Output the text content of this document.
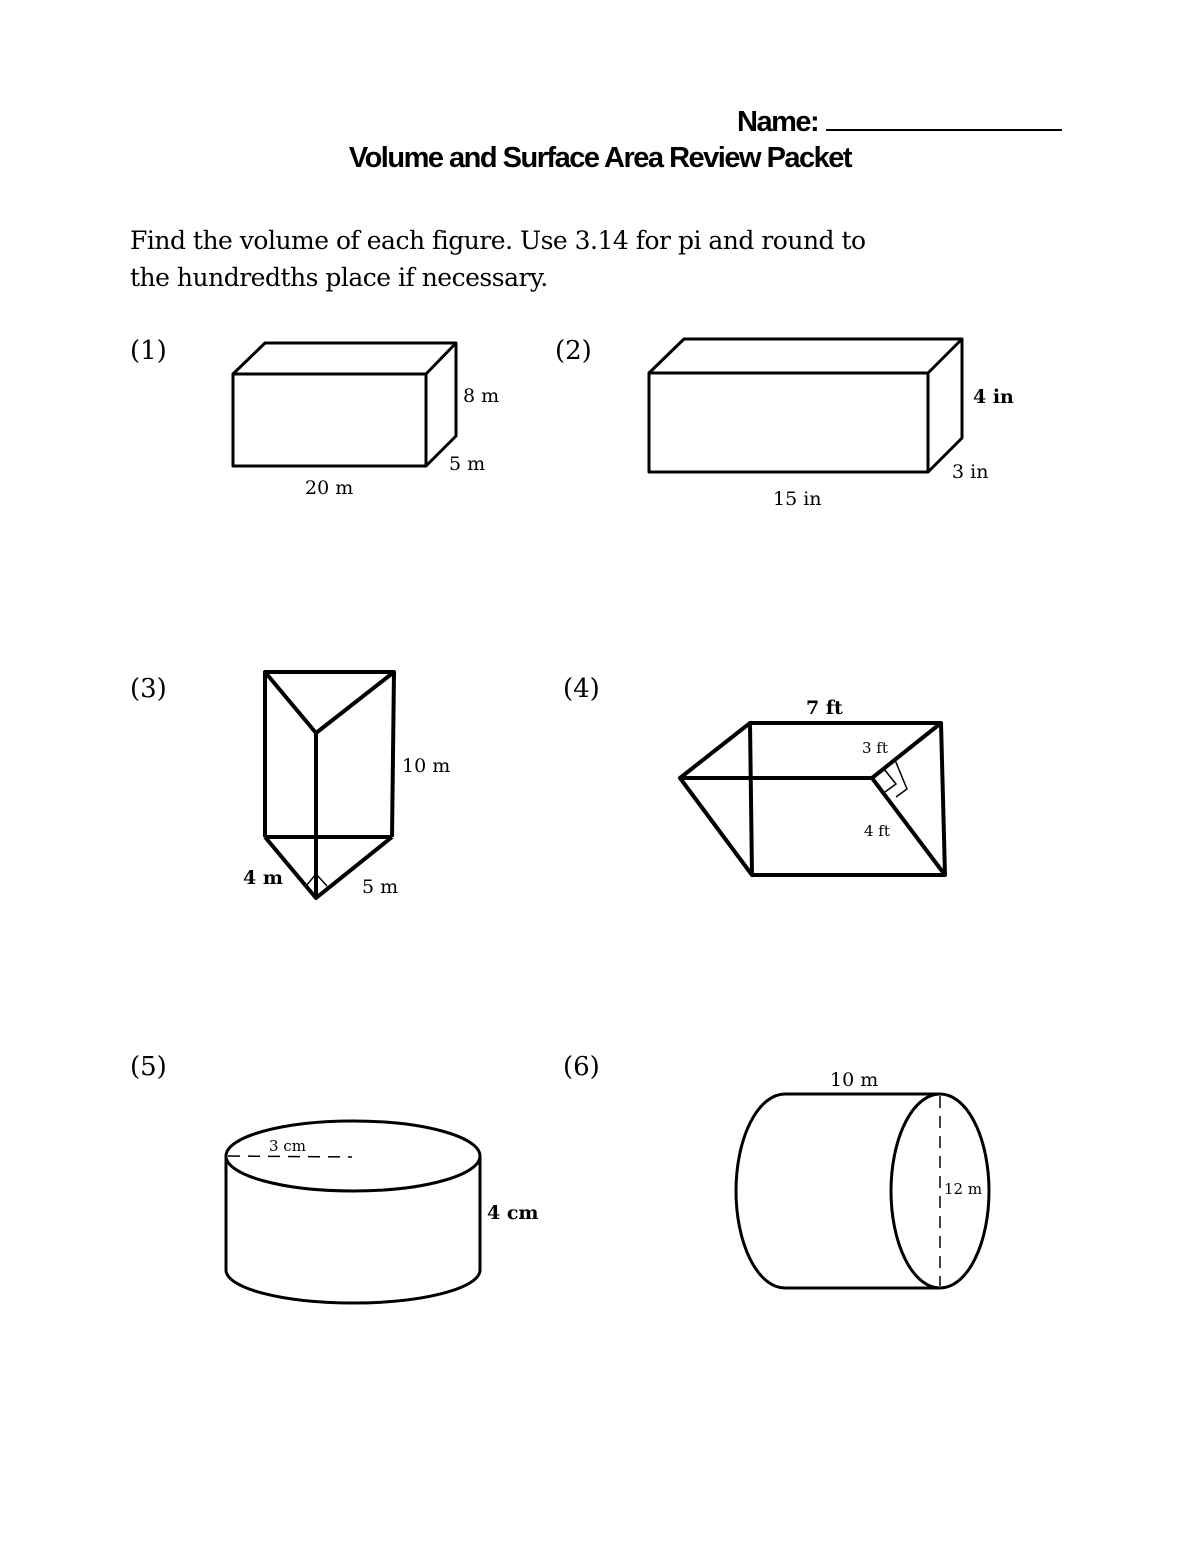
Name:
Volume and Surface Area Review Packet
Find the volume of each figure. Use 3.14 for pi and round to
the hundredths place if necessary.
(1)	(2)
(3)	(4)
(5)	(6)
8 m
5 m
20 m
4 in
3 in
15 in
10 m
4 m	5 m
7 ft
3 ft
4 ft
3 cm
4 cm
10 m
12 m
